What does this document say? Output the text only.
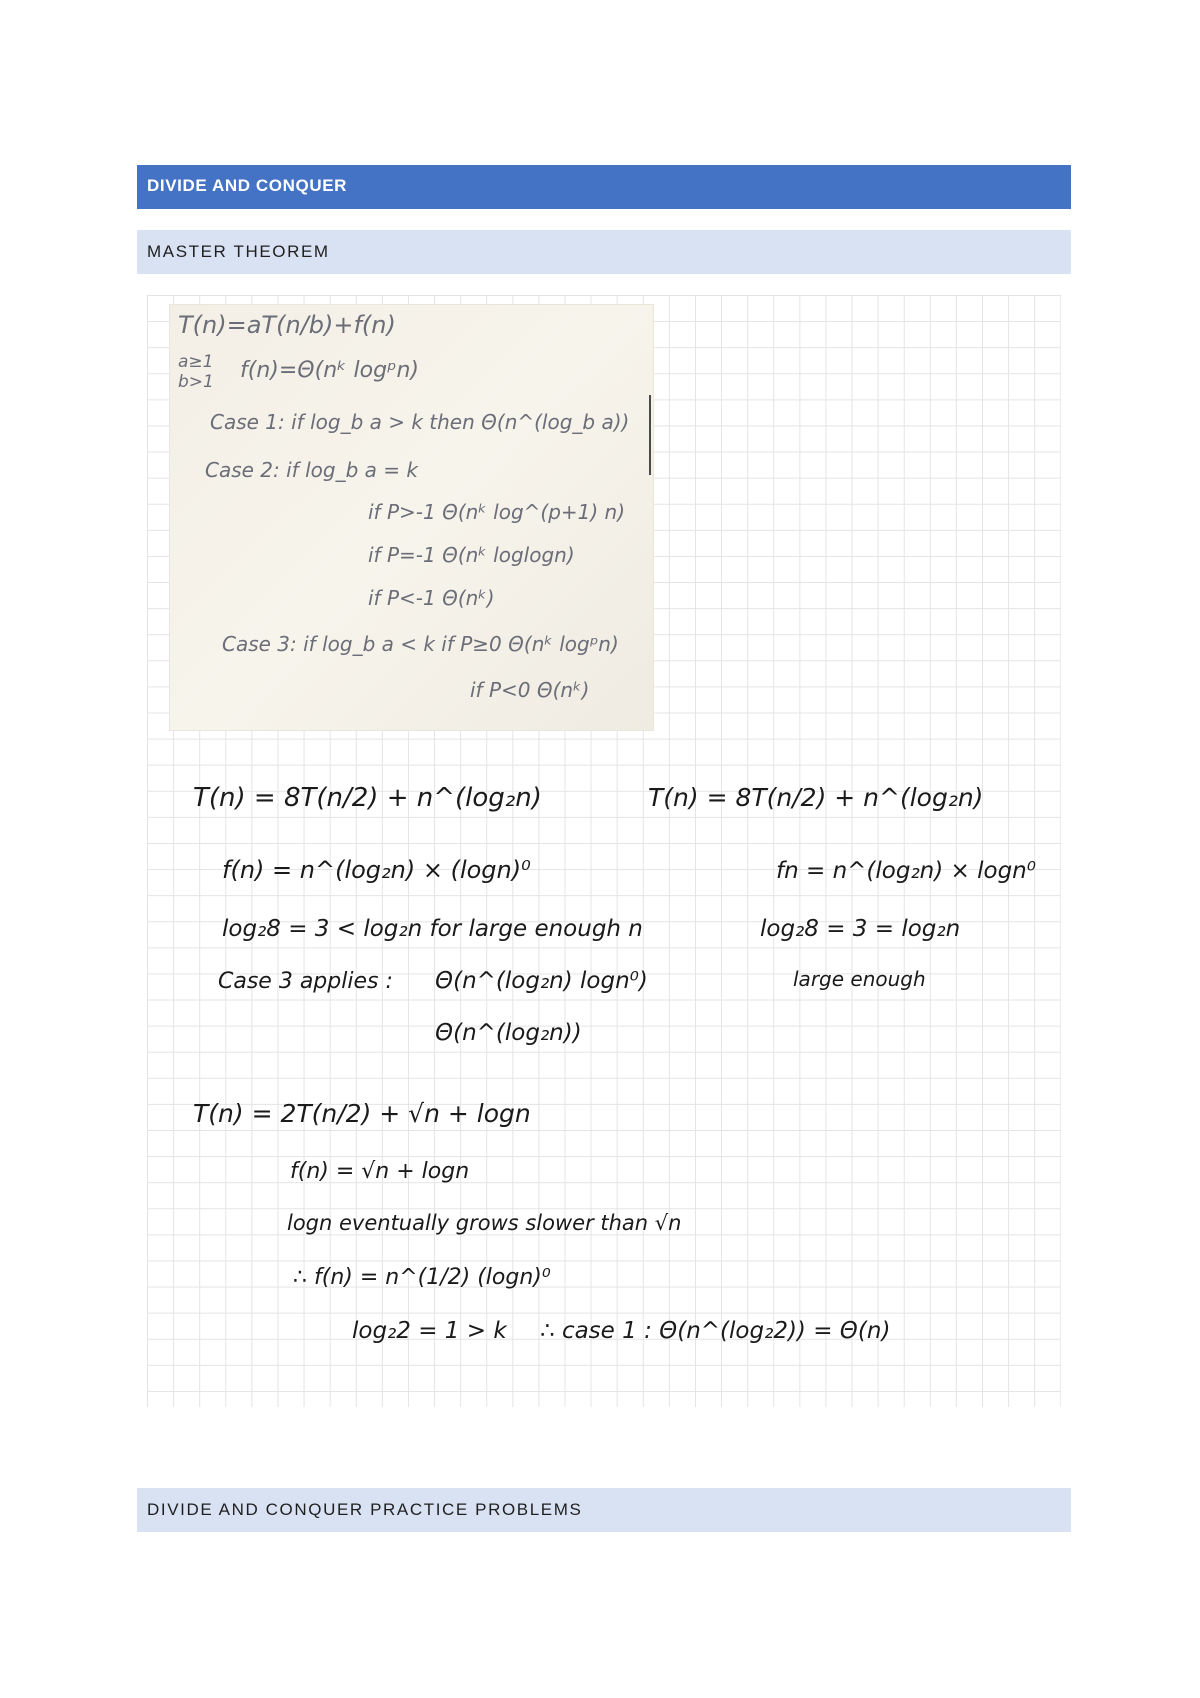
DIVIDE AND CONQUER
MASTER THEOREM
T(n)=aT(n/b)+f(n)
a≥1
b>1 f(n)=Θ(nᵏ logᵖn)
Case 1: if log_b a > k then Θ(n^(log_b a))
Case 2: if log_b a = k
if P>-1 Θ(nᵏ log^(p+1) n)
if P=-1 Θ(nᵏ loglogn)
if P<-1 Θ(nᵏ)
Case 3: if log_b a < k if P≥0 Θ(nᵏ logᵖn)
if P<0 Θ(nᵏ)
T(n) = 8T(n/2) + n^(log₂n)
f(n) = n^(log₂n) × (logn)⁰
log₂8 = 3 < log₂n for large enough n
Case 3 applies : Θ(n^(log₂n) logn⁰)
Θ(n^(log₂n))
T(n) = 8T(n/2) + n^(log₂n)
fn = n^(log₂n) × logn⁰
log₂8 = 3 = log₂n
large enough
T(n) = 2T(n/2) + √n + logn
f(n) = √n + logn
logn eventually grows slower than √n
∴ f(n) = n^(1/2) (logn)⁰
log₂2 = 1 > k ∴ case 1 : Θ(n^(log₂2)) = Θ(n)
DIVIDE AND CONQUER PRACTICE PROBLEMS
